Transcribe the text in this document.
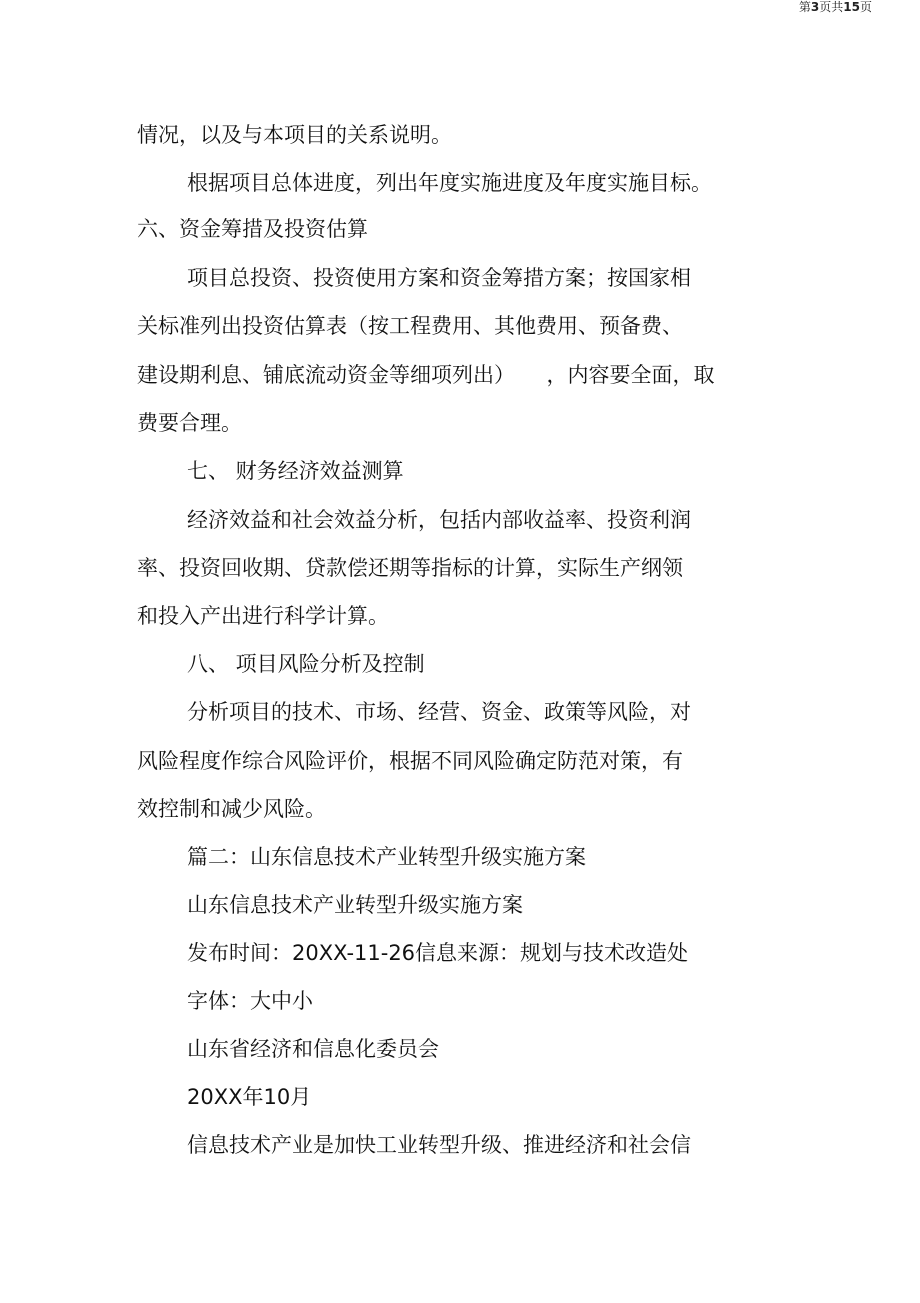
第3页共15页
情况，以及与本项目的关系说明。
根据项目总体进度，列出年度实施进度及年度实施目标。
六、资金筹措及投资估算
项目总投资、投资使用方案和资金筹措方案；按国家相
关标准列出投资估算表（按工程费用、其他费用、预备费、
建设期利息、铺底流动资金等细项列出）　　，内容要全面，取
费要合理。
七、 财务经济效益测算
经济效益和社会效益分析，包括内部收益率、投资利润
率、投资回收期、贷款偿还期等指标的计算，实际生产纲领
和投入产出进行科学计算。
八、 项目风险分析及控制
分析项目的技术、市场、经营、资金、政策等风险，对
风险程度作综合风险评价，根据不同风险确定防范对策，有
效控制和减少风险。
篇二：山东信息技术产业转型升级实施方案
山东信息技术产业转型升级实施方案
发布时间：20XX-11-26信息来源：规划与技术改造处
字体：大中小
山东省经济和信息化委员会
20XX年10月
信息技术产业是加快工业转型升级、推进经济和社会信
